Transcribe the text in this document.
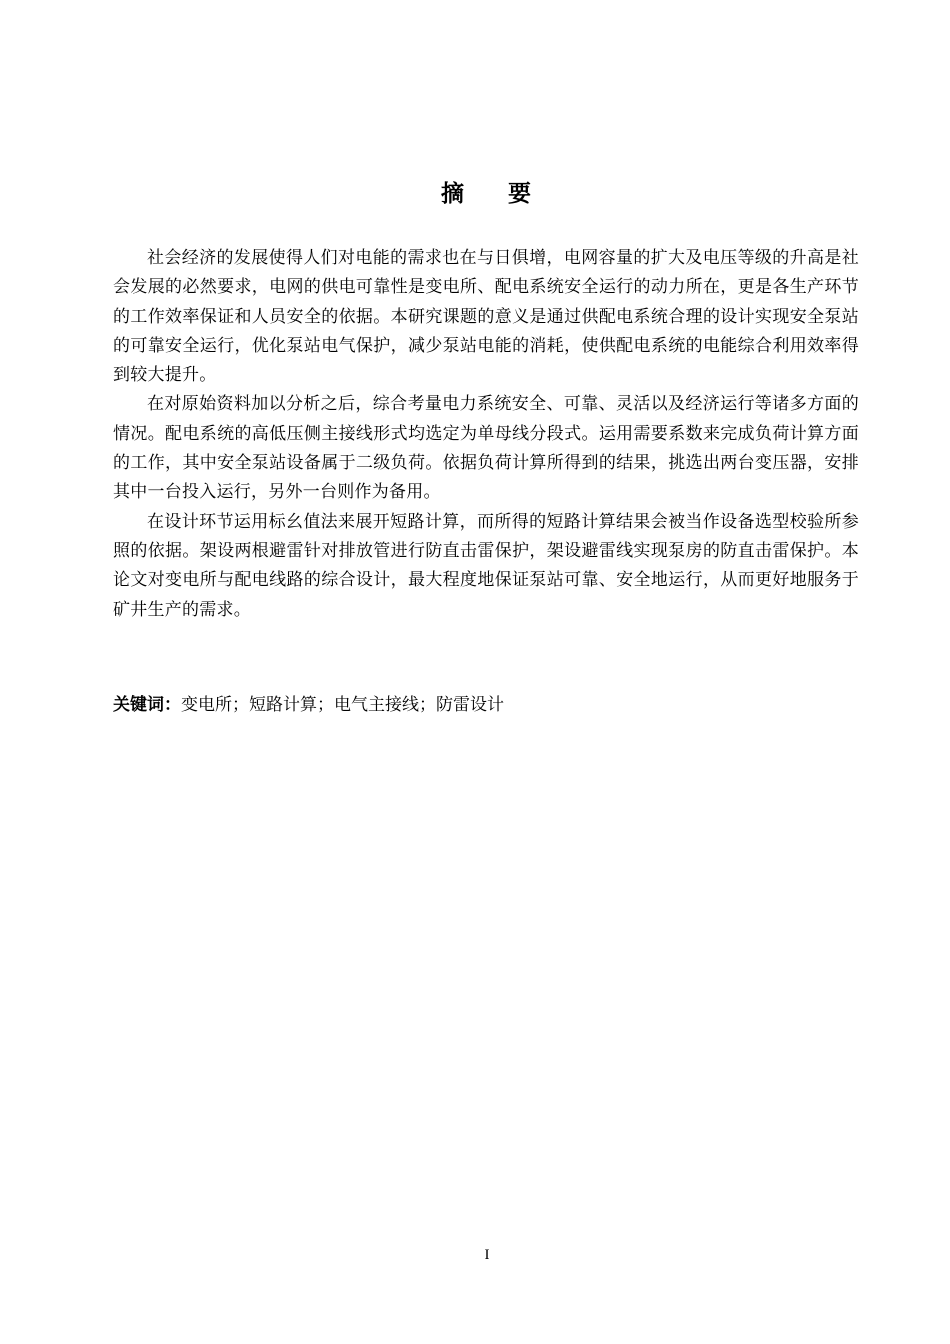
摘 要

社会经济的发展使得人们对电能的需求也在与日俱增，电网容量的扩大及电压等级的升高是社会发展的必然要求，电网的供电可靠性是变电所、配电系统安全运行的动力所在，更是各生产环节的工作效率保证和人员安全的依据。本研究课题的意义是通过供配电系统合理的设计实现安全泵站的可靠安全运行，优化泵站电气保护，减少泵站电能的消耗，使供配电系统的电能综合利用效率得到较大提升。

在对原始资料加以分析之后，综合考量电力系统安全、可靠、灵活以及经济运行等诸多方面的情况。配电系统的高低压侧主接线形式均选定为单母线分段式。运用需要系数来完成负荷计算方面的工作，其中安全泵站设备属于二级负荷。依据负荷计算所得到的结果，挑选出两台变压器，安排其中一台投入运行，另外一台则作为备用。

在设计环节运用标幺值法来展开短路计算，而所得的短路计算结果会被当作设备选型校验所参照的依据。架设两根避雷针对排放管进行防直击雷保护，架设避雷线实现泵房的防直击雷保护。本论文对变电所与配电线路的综合设计，最大程度地保证泵站可靠、安全地运行，从而更好地服务于矿井生产的需求。

关键词：变电所；短路计算；电气主接线；防雷设计
I
